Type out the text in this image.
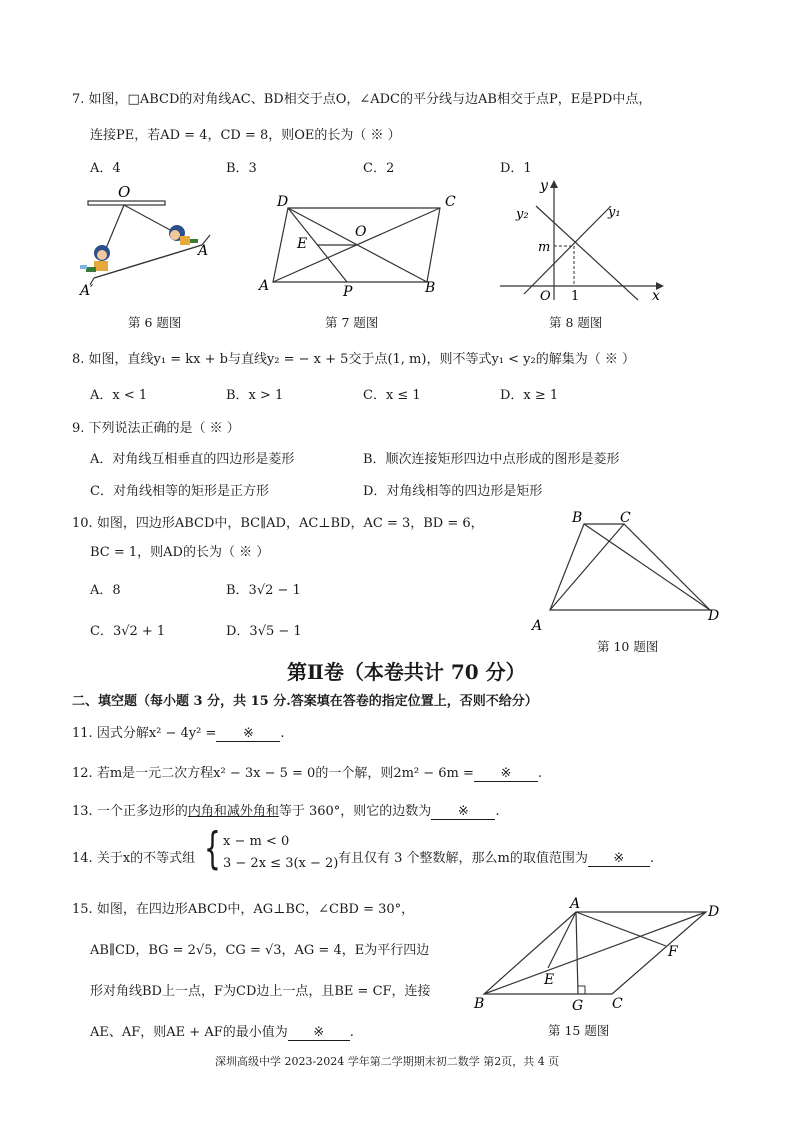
7. 如图，□ABCD的对角线AC、BD相交于点O，∠ADC的平分线与边AB相交于点P，E是PD中点，
连接PE，若AD = 4，CD = 8，则OE的长为（ ※ ）
A．4	B．3	C．2	D．1
O
A
A′
第 6 题图
D	C
O
E
A	P	B
第 7 题图
y
y₂	y₁
m
O 1	x
第 8 题图
8. 如图，直线y₁ = kx + b与直线y₂ = − x + 5交于点(1, m)，则不等式y₁ < y₂的解集为（ ※ ）
A．x < 1	B．x > 1	C．x ≤ 1	D．x ≥ 1
9. 下列说法正确的是（ ※ ）
A．对角线互相垂直的四边形是菱形	B．顺次连接矩形四边中点形成的图形是菱形
C．对角线相等的矩形是正方形	D．对角线相等的四边形是矩形
10. 如图，四边形ABCD中，BC∥AD，AC⊥BD，AC = 3，BD = 6，
BC = 1，则AD的长为（ ※ ）
A．8	B．3√2 − 1
C．3√2 + 1	D．3√5 − 1
B	C
A
D
第 10 题图
第Ⅱ卷（本卷共计 70 分）
二、填空题（每小题 3 分，共 15 分.答案填在答卷的指定位置上，否则不给分）
11. 因式分解x² − 4y² = ※ .
12. 若m是一元二次方程x² − 3x − 5 = 0的一个解，则2m² − 6m = ※ .
13. 一个正多边形的内角和减外角和等于 360°，则它的边数为 ※ .
14. 关于x的不等式组 { x − m < 0
3 − 2x ≤ 3(x − 2) 有且仅有 3 个整数解，那么m的取值范围为 ※ .
15. 如图，在四边形ABCD中，AG⊥BC，∠CBD = 30°，
AB∥CD，BG = 2√5，CG = √3，AG = 4，E为平行四边
形对角线BD上一点，F为CD边上一点，且BE = CF，连接
AE、AF，则AE + AF的最小值为 ※ .
A	D
F
E
B	G C
第 15 题图
深圳高级中学 2023-2024 学年第二学期期末初二数学 第2页，共 4 页
